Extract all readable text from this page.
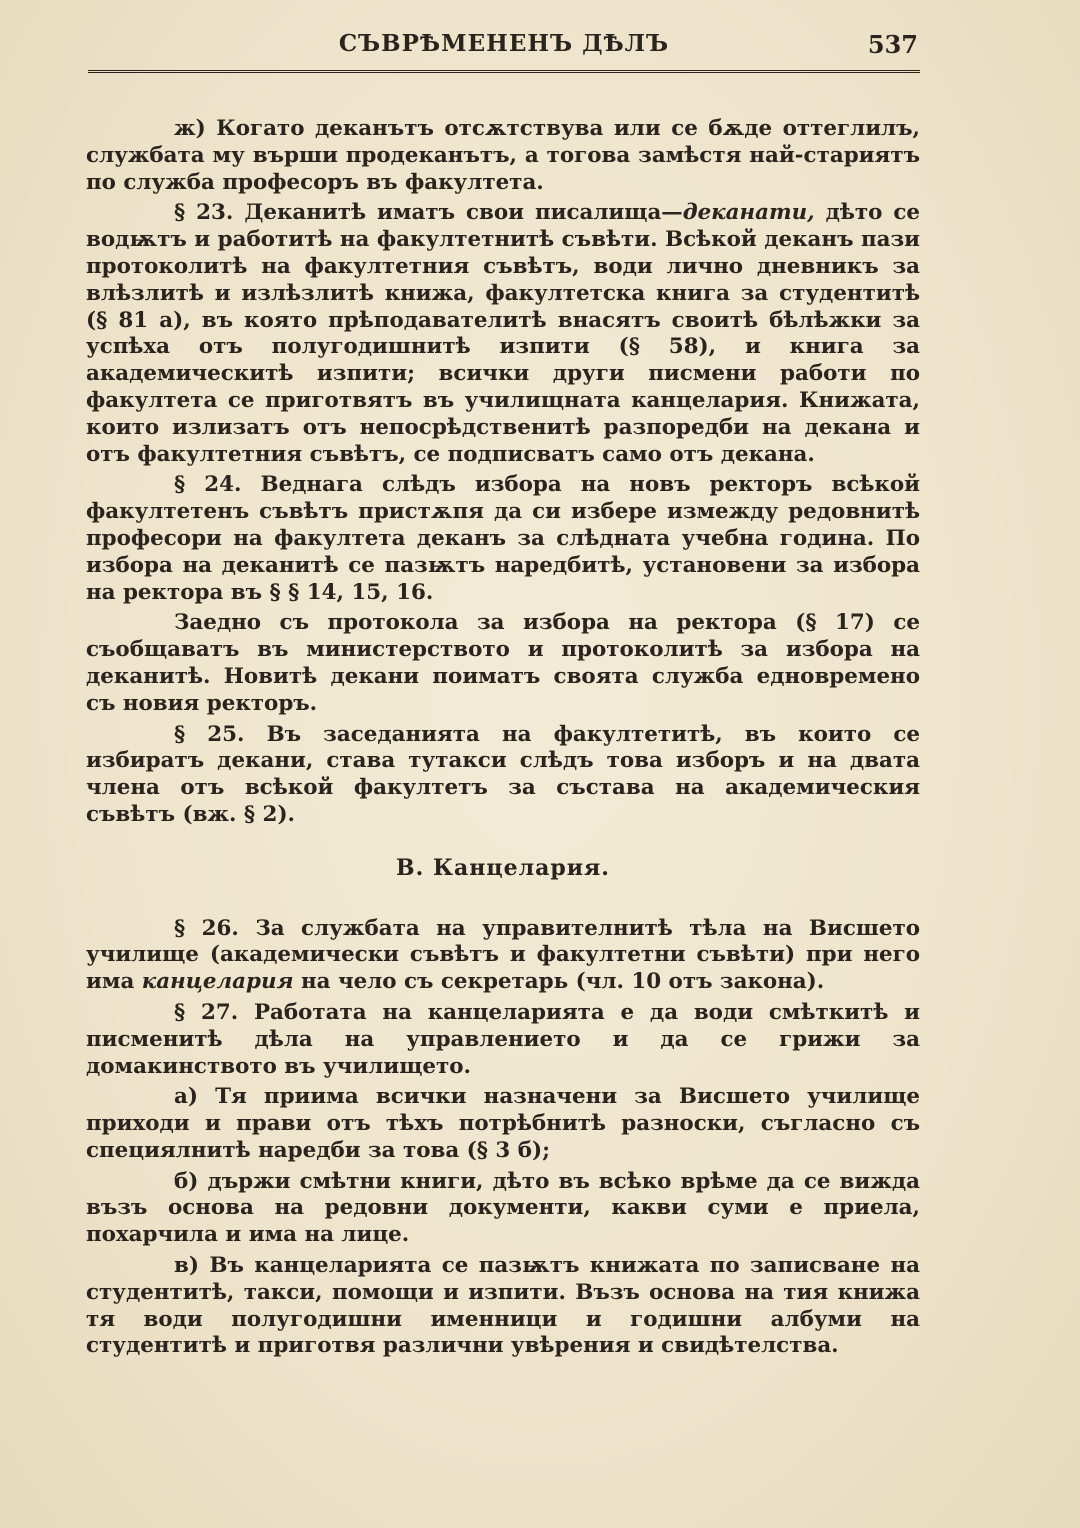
СЪВРѢМЕНЕНЪ ДѢЛЪ	537

ж) Когато деканътъ отсѫтствува или се бѫде оттеглилъ, службата му върши продеканътъ, а тогова замѣстя най-стариятъ по служба професоръ въ факултета.

§ 23. Деканитѣ иматъ свои писалища—деканати, дѣто се водѭтъ и работитѣ на факултетнитѣ съвѣти. Всѣкой деканъ пази протоколитѣ на факултетния съвѣтъ, води лично дневникъ за влѣзлитѣ и излѣзлитѣ книжа, факултетска книга за студентитѣ (§ 81 а), въ която прѣподавателитѣ внасятъ своитѣ бѣлѣжки за успѣха отъ полугодишнитѣ изпити (§ 58), и книга за академическитѣ изпити; всички други писмени работи по факултета се приготвятъ въ училищната канцелария. Книжата, които излизатъ отъ непосрѣдственитѣ разпоредби на декана и отъ факултетния съвѣтъ, се подписватъ само отъ декана.

§ 24. Веднага слѣдъ избора на новъ ректоръ всѣкой факултетенъ съвѣтъ пристѫпя да си избере измежду редовнитѣ професори на факултета деканъ за слѣдната учебна година. По избора на деканитѣ се пазѭтъ наредбитѣ, установени за избора на ректора въ § § 14, 15, 16.

Заедно съ протокола за избора на ректора (§ 17) се съобщаватъ въ министерството и протоколитѣ за избора на деканитѣ. Новитѣ декани поиматъ своята служба едновремено съ новия ректоръ.

§ 25. Въ заседанията на факултетитѣ, въ които се избиратъ декани, става тутакси слѣдъ това изборъ и на двата члена отъ всѣкой факултетъ за състава на академическия съвѣтъ (вж. § 2).

В. Канцелария.

§ 26. За службата на управителнитѣ тѣла на Висшето училище (академически съвѣтъ и факултетни съвѣти) при него има канцелария на чело съ секретарь (чл. 10 отъ закона).

§ 27. Работата на канцеларията е да води смѣткитѣ и писменитѣ дѣла на управлението и да се грижи за домакинството въ училището.

а) Тя приима всички назначени за Висшето училище приходи и прави отъ тѣхъ потрѣбнитѣ разноски, съгласно съ специялнитѣ наредби за това (§ 3 б);

б) държи смѣтни книги, дѣто въ всѣко врѣме да се вижда възъ основа на редовни документи, какви суми е приела, похарчила и има на лице.

в) Въ канцеларията се пазѭтъ книжата по записване на студентитѣ, такси, помощи и изпити. Възъ основа на тия книжа тя води полугодишни именници и годишни албуми на студентитѣ и приготвя различни увѣрения и свидѣтелства.
